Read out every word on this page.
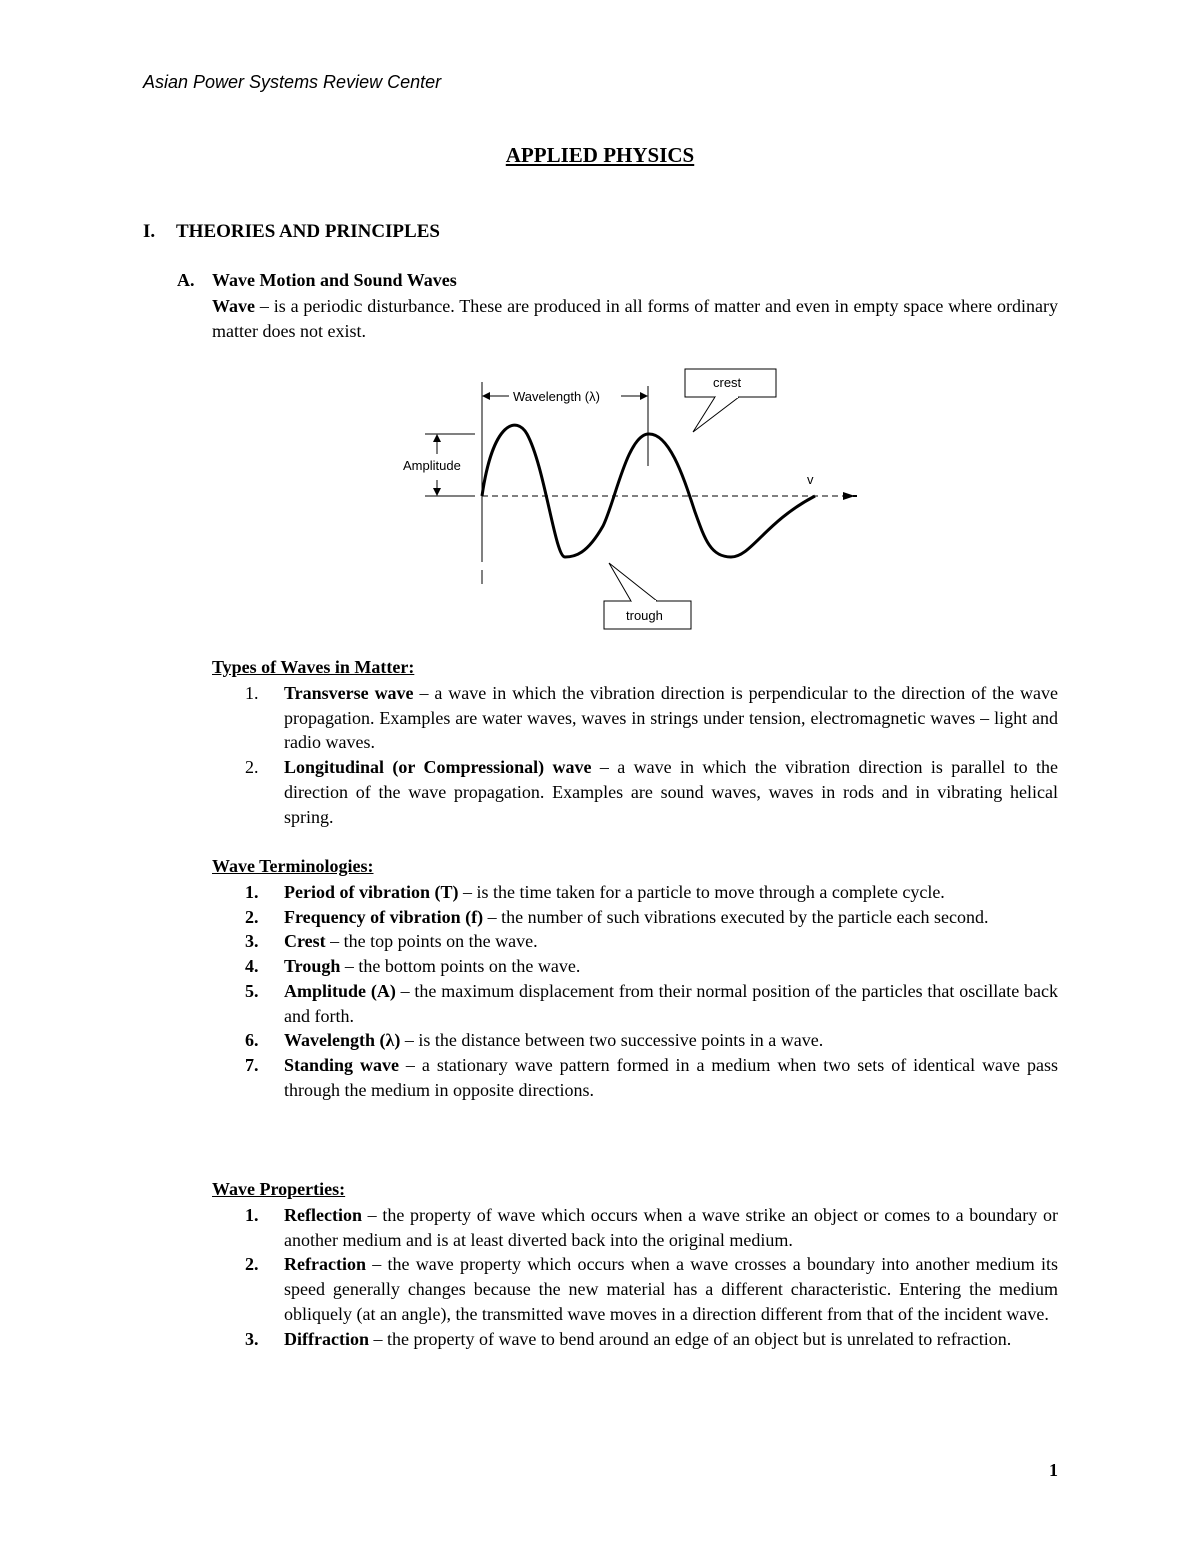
Asian Power Systems Review Center
APPLIED PHYSICS
I. THEORIES AND PRINCIPLES
A. Wave Motion and Sound Waves
Wave – is a periodic disturbance. These are produced in all forms of matter and even in empty space where ordinary matter does not exist.
Wavelength (λ)
Amplitude
v
crest
trough
Types of Waves in Matter:
1. Transverse wave – a wave in which the vibration direction is perpendicular to the direction of the wave propagation. Examples are water waves, waves in strings under tension, electromagnetic waves – light and radio waves.
2. Longitudinal (or Compressional) wave – a wave in which the vibration direction is parallel to the direction of the wave propagation. Examples are sound waves, waves in rods and in vibrating helical spring.
Wave Terminologies:
1. Period of vibration (T) – is the time taken for a particle to move through a complete cycle.
2. Frequency of vibration (f) – the number of such vibrations executed by the particle each second.
3. Crest – the top points on the wave.
4. Trough – the bottom points on the wave.
5. Amplitude (A) – the maximum displacement from their normal position of the particles that oscillate back and forth.
6. Wavelength (λ) – is the distance between two successive points in a wave.
7. Standing wave – a stationary wave pattern formed in a medium when two sets of identical wave pass through the medium in opposite directions.
Wave Properties:
1. Reflection – the property of wave which occurs when a wave strike an object or comes to a boundary or another medium and is at least diverted back into the original medium.
2. Refraction – the wave property which occurs when a wave crosses a boundary into another medium its speed generally changes because the new material has a different characteristic. Entering the medium obliquely (at an angle), the transmitted wave moves in a direction different from that of the incident wave.
3. Diffraction – the property of wave to bend around an edge of an object but is unrelated to refraction.
1
